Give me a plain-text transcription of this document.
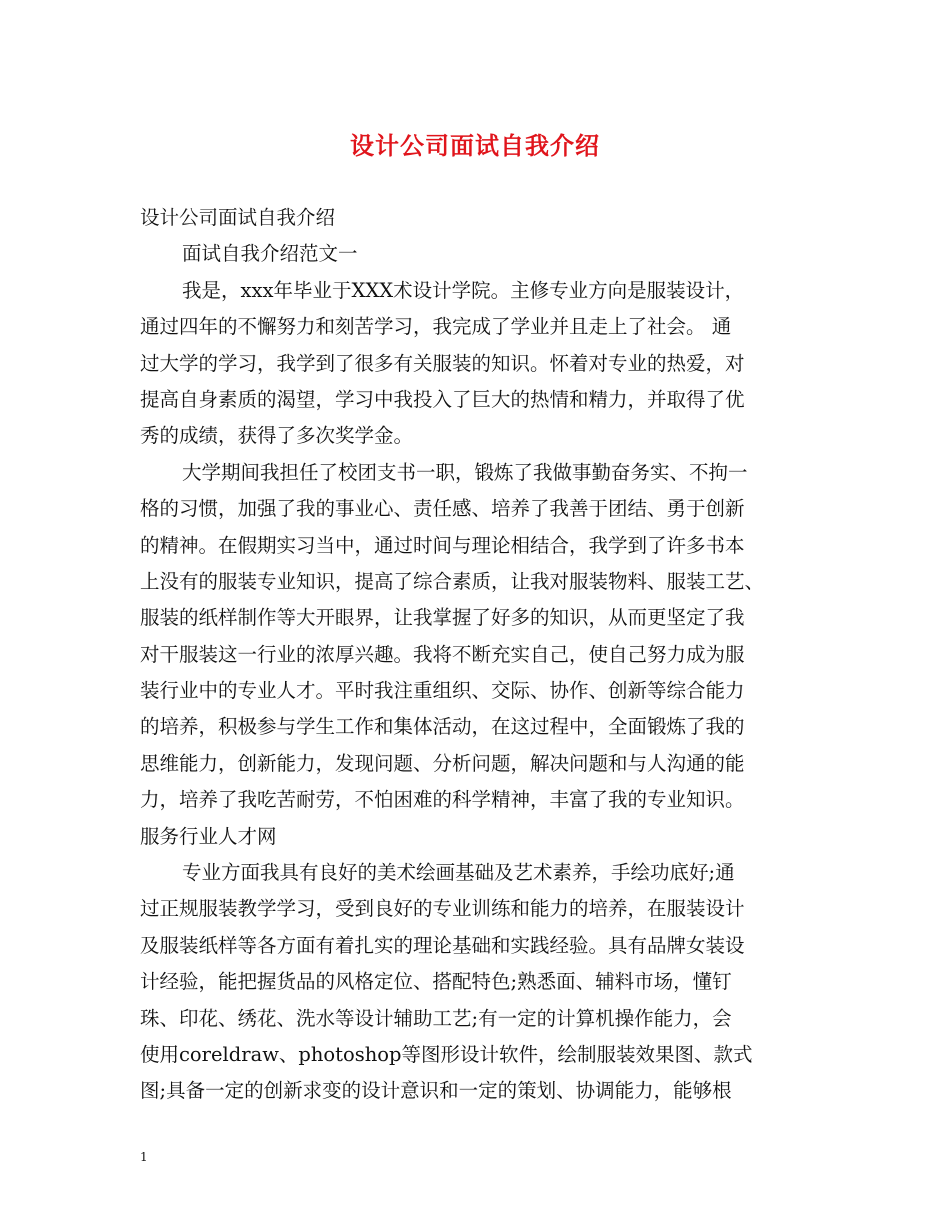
设计公司面试自我介绍
设计公司面试自我介绍
面试自我介绍范文一
我是，xxx年毕业于XXX术设计学院。主修专业方向是服装设计，
通过四年的不懈努力和刻苦学习，我完成了学业并且走上了社会。 通
过大学的学习，我学到了很多有关服装的知识。怀着对专业的热爱，对
提高自身素质的渴望，学习中我投入了巨大的热情和精力，并取得了优
秀的成绩，获得了多次奖学金。
大学期间我担任了校团支书一职，锻炼了我做事勤奋务实、不拘一
格的习惯，加强了我的事业心、责任感、培养了我善于团结、勇于创新
的精神。在假期实习当中，通过时间与理论相结合，我学到了许多书本
上没有的服装专业知识，提高了综合素质，让我对服装物料、服装工艺、
服装的纸样制作等大开眼界，让我掌握了好多的知识，从而更坚定了我
对干服装这一行业的浓厚兴趣。我将不断充实自己，使自己努力成为服
装行业中的专业人才。平时我注重组织、交际、协作、创新等综合能力
的培养，积极参与学生工作和集体活动，在这过程中，全面锻炼了我的
思维能力，创新能力，发现问题、分析问题，解决问题和与人沟通的能
力，培养了我吃苦耐劳，不怕困难的科学精神，丰富了我的专业知识。
服务行业人才网
专业方面我具有良好的美术绘画基础及艺术素养，手绘功底好;通
过正规服装教学学习，受到良好的专业训练和能力的培养，在服装设计
及服装纸样等各方面有着扎实的理论基础和实践经验。具有品牌女装设
计经验，能把握货品的风格定位、搭配特色;熟悉面、辅料市场，懂钉
珠、印花、绣花、洗水等设计辅助工艺;有一定的计算机操作能力，会
使用coreldraw、photoshop等图形设计软件，绘制服装效果图、款式
图;具备一定的创新求变的设计意识和一定的策划、协调能力，能够根
1
